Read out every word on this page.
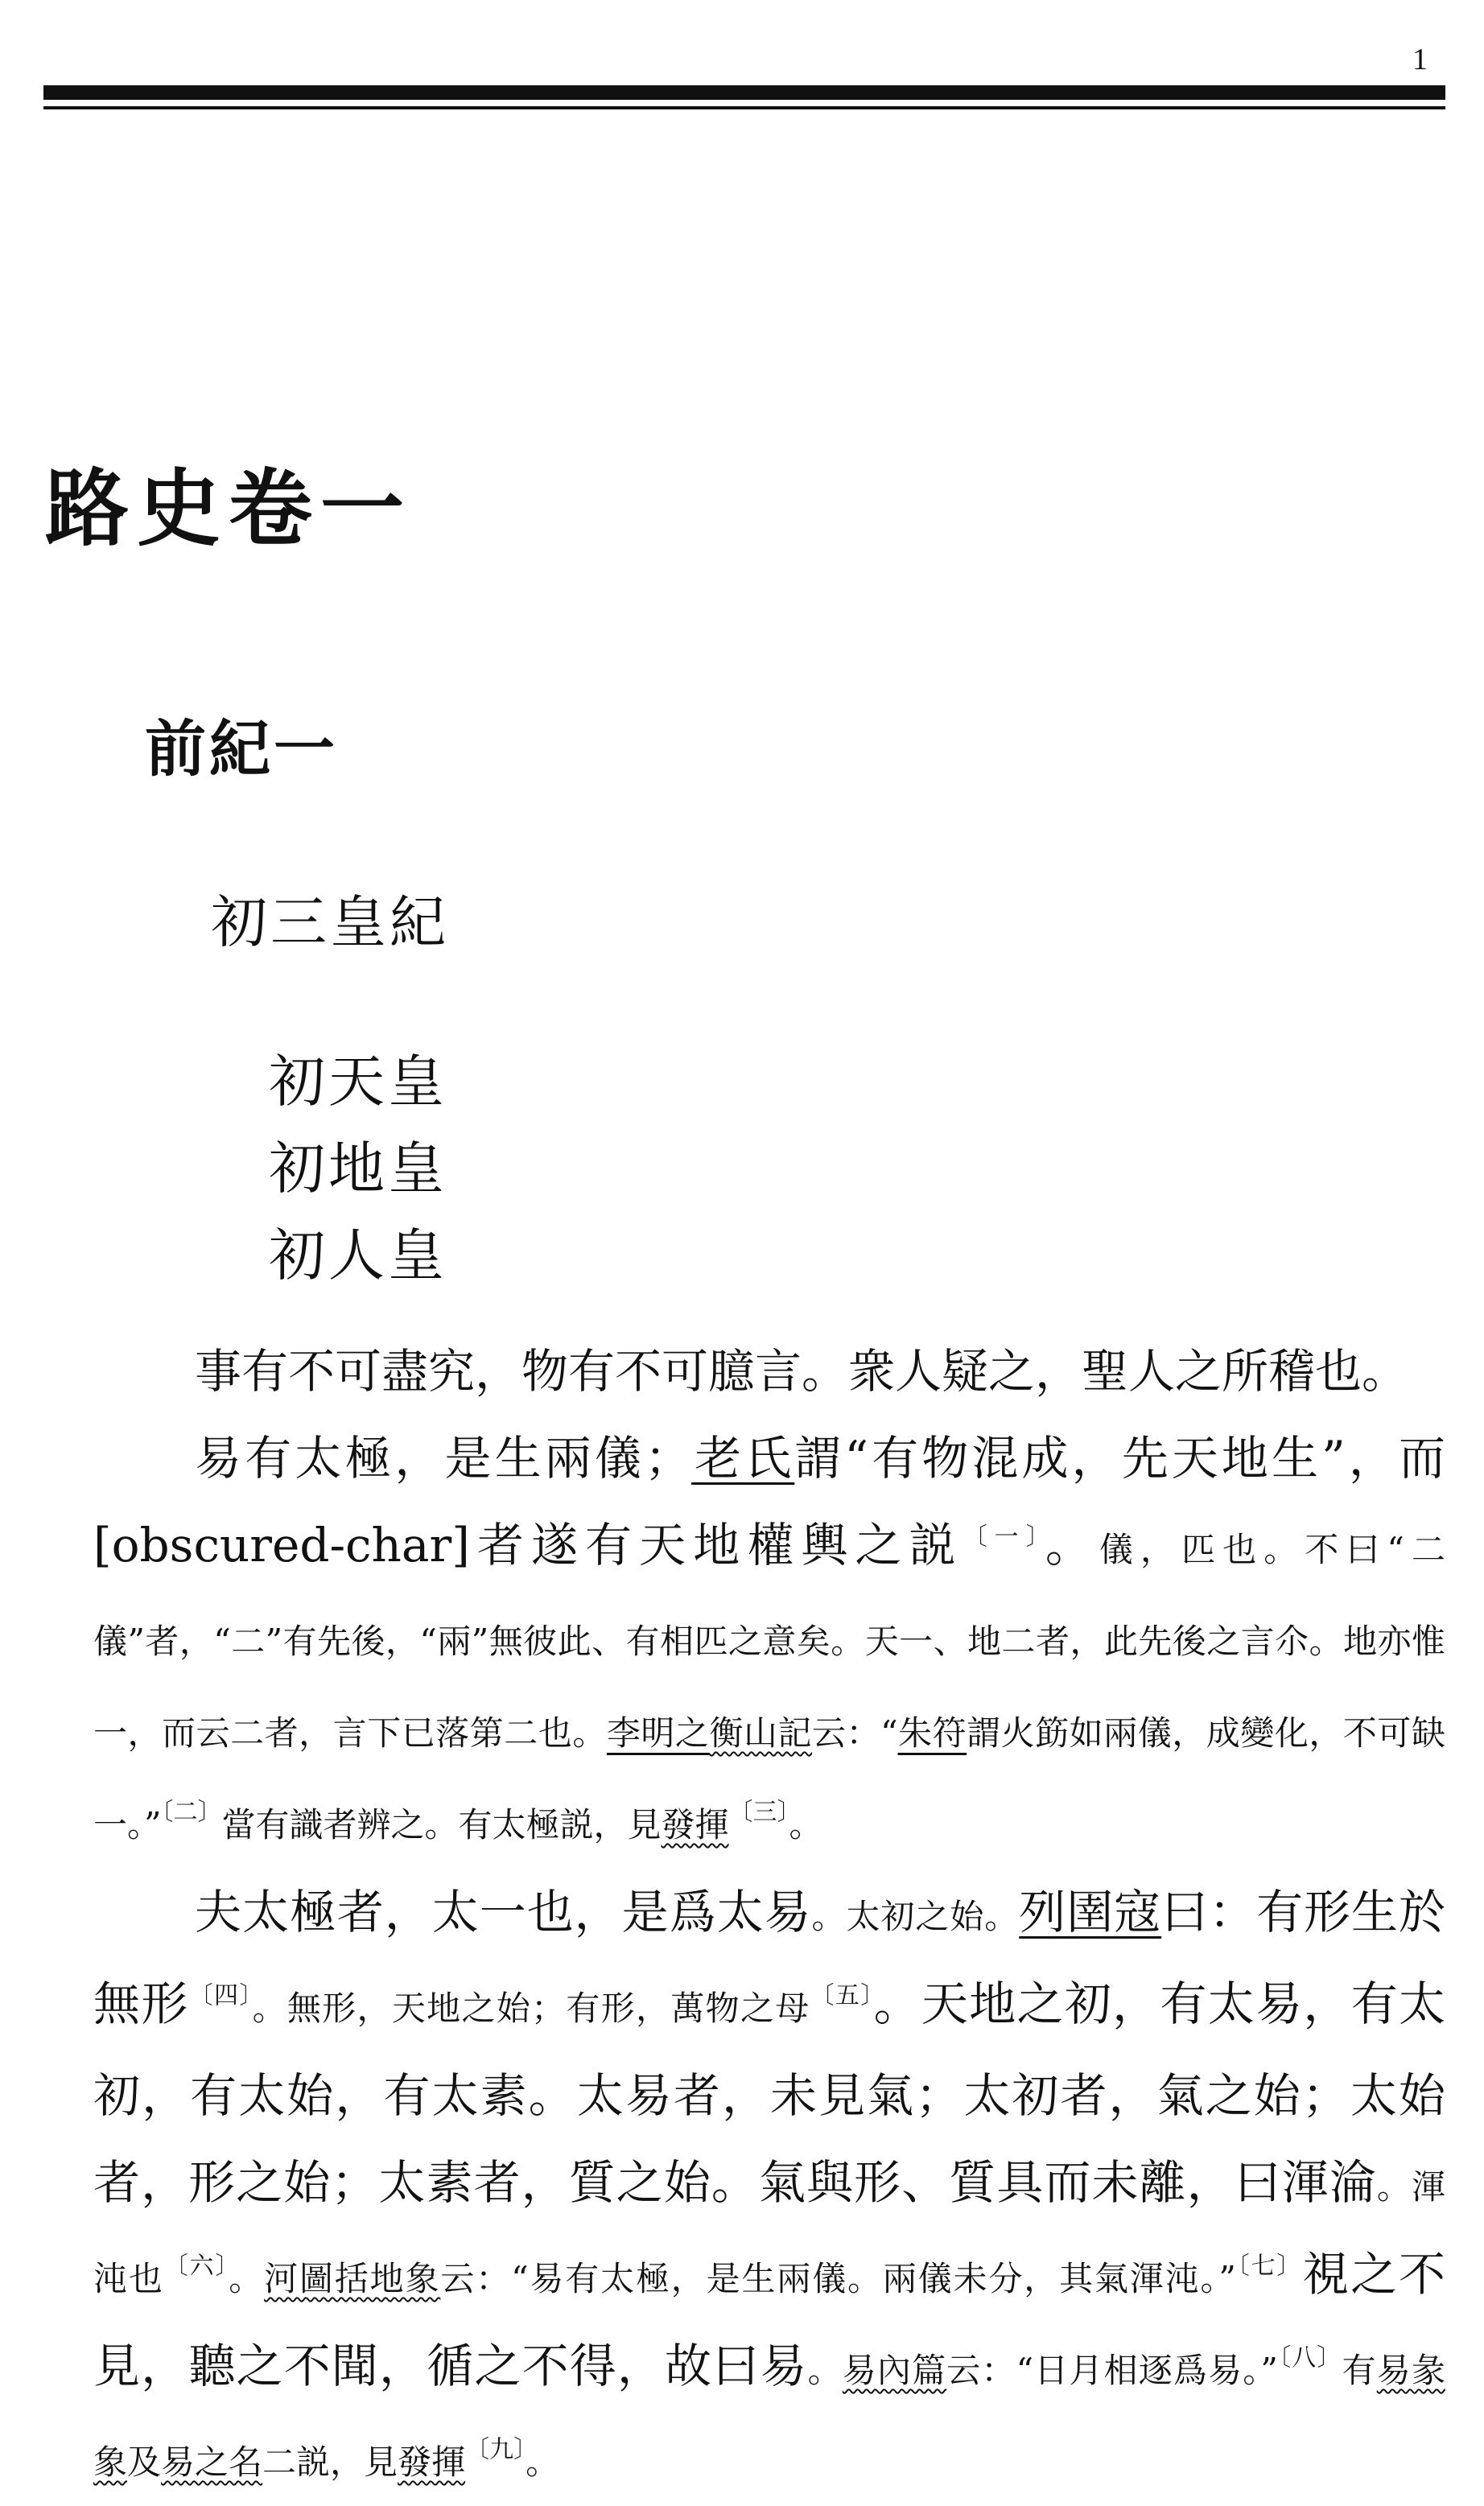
1
路史卷一
前紀一
初三皇紀
初天皇
初地皇
初人皇

事有不可盡究，物有不可臆言。衆人疑之，聖人之所稽也。

易有太極，是生兩儀；老氏謂“有物混成，先天地生”，而[obscured-char]者遂有天地權輿之説$^{〔一〕}$。儀，匹也。不曰“二儀”者，“二”有先後，“兩”無彼此、有相匹之意矣。天一、地二者，此先後之言尒。地亦惟一，而云二者，言下已落第二也。李明之衡山記云：“朱符謂火筯如兩儀，成變化，不可缺一。”$^{〔二〕}$當有識者辨之。有太極説，見發揮$^{〔三〕}$。

夫太極者，太一也，是爲太易。太初之始。列圉寇曰：有形生於無形$^{〔四〕}$。無形，天地之始；有形，萬物之母$^{〔五〕}$。天地之初，有太易，有太初，有太始，有太素。太易者，未見氣；太初者，氣之始；太始者，形之始；太素者，質之始。氣與形、質具而未離，曰渾淪。渾沌也$^{〔六〕}$。河圖括地象云：“易有太極，是生兩儀。兩儀未分，其氣渾沌。”$^{〔七〕}$視之不見，聽之不聞，循之不得，故曰易。易內篇云：“日月相逐爲易。”$^{〔八〕}$有易彖象及易之名二説，見發揮$^{〔九〕}$。
